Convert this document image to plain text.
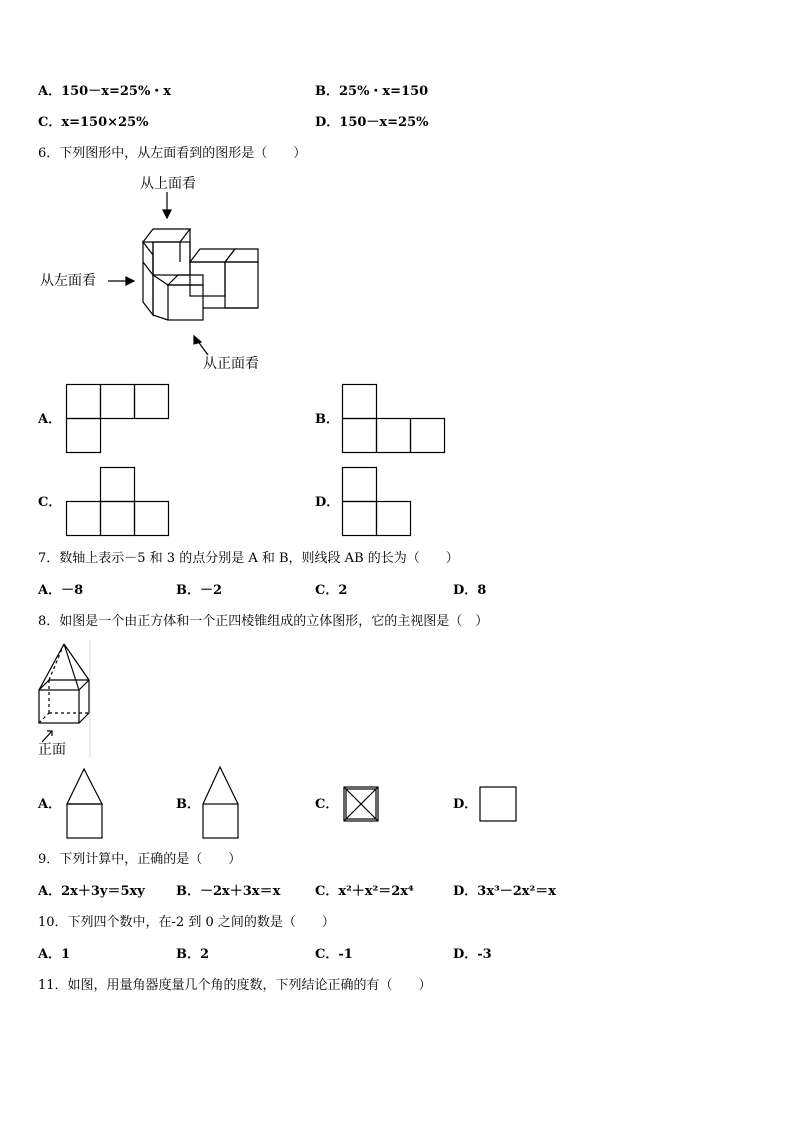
A．150－x=25%・x	B．25%・x=150
C．x=150×25%	D．150－x=25%
6．下列图形中，从左面看到的图形是（　　）
从上面看
从左面看
从正面看
A．	B．
C．	D．
7．数轴上表示－5 和 3 的点分别是 A 和 B，则线段 AB 的长为（　　）
A．－8	B．－2	C．2	D．8
8．如图是一个由正方体和一个正四棱锥组成的立体图形，它的主视图是（　）
正面
A．	B．	C．	D．
9．下列计算中，正确的是（　　）
A．2x＋3y＝5xy B．－2x＋3x＝x	C．x²＋x²＝2x⁴	D．3x³－2x²＝x
10．下列四个数中，在-2 到 0 之间的数是（　　）
A．1	B．2	C．-1	D．-3
11．如图，用量角器度量几个角的度数，下列结论正确的有（　　）
